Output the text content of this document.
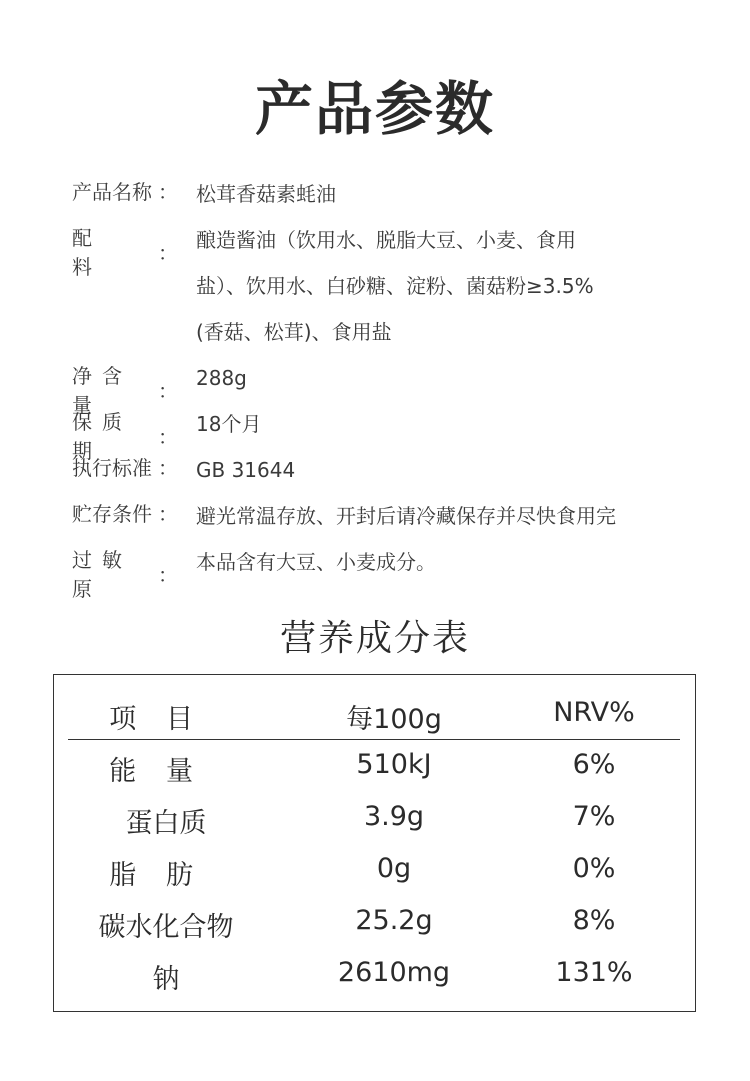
产品参数
产品名称 ： 松茸香菇素蚝油
配料
：
酿造酱油（饮用水、脱脂大豆、小麦、食用
盐）、饮用水、白砂糖、淀粉、菌菇粉≥3.5%
(香菇、松茸)、食用盐
净含量
：
288g
保质期
：
18个月
执行标准 ： GB 31644
贮存条件 ： 避光常温存放、开封后请冷藏保存并尽快食用完
过敏原
：
本品含有大豆、小麦成分。
营养成分表
项目	每100g	NRV%
能量	510kJ	6%
蛋白质	3.9g	7%
脂肪	0g	0%
碳水化合物	25.2g	8%
钠	2610mg	131%
